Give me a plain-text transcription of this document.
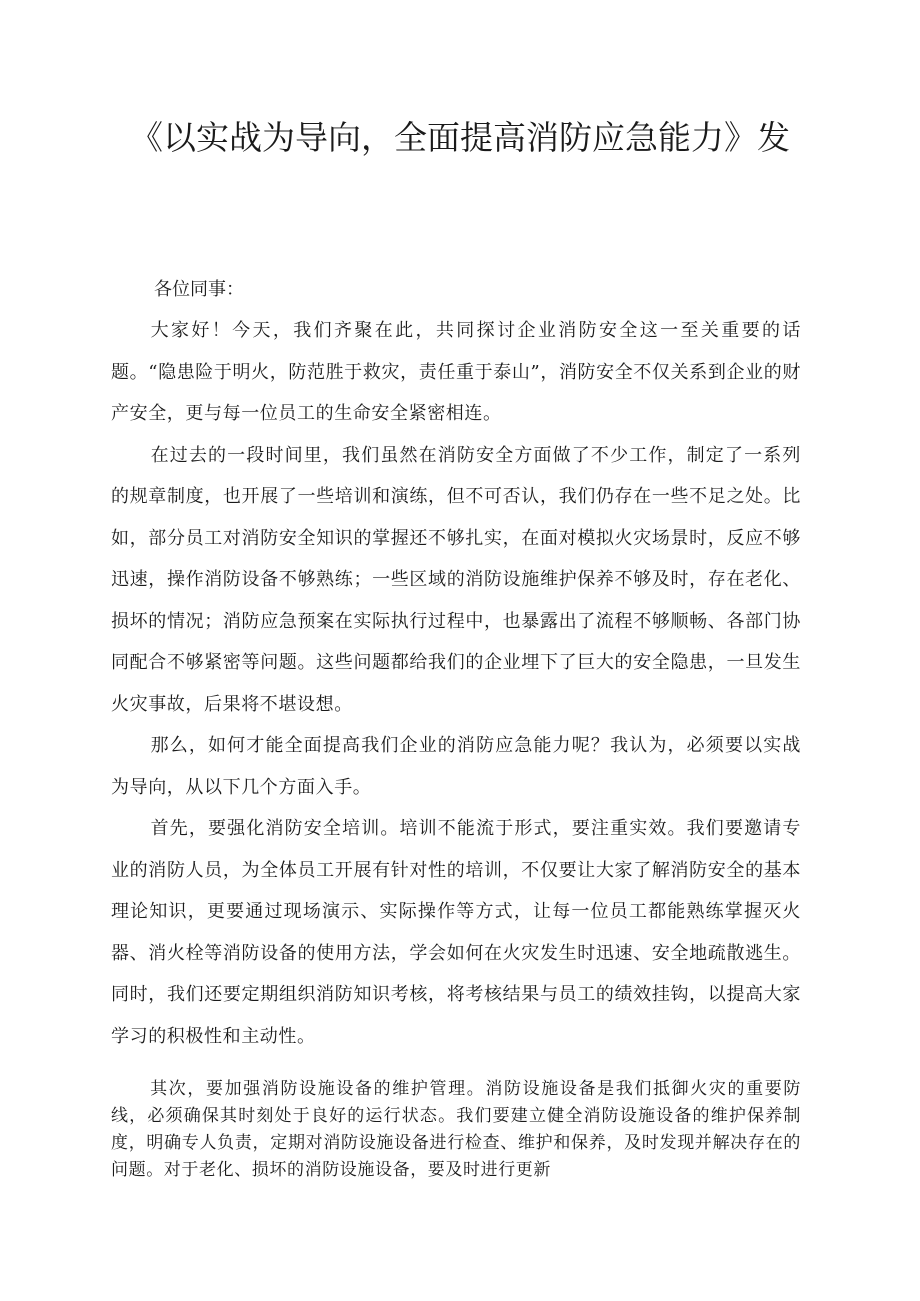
《以实战为导向，全面提高消防应急能力》发

各位同事：

大家好！今天，我们齐聚在此，共同探讨企业消防安全这一至关重要的话题。“隐患险于明火，防范胜于救灾，责任重于泰山”，消防安全不仅关系到企业的财产安全，更与每一位员工的生命安全紧密相连。

在过去的一段时间里，我们虽然在消防安全方面做了不少工作，制定了一系列的规章制度，也开展了一些培训和演练，但不可否认，我们仍存在一些不足之处。比如，部分员工对消防安全知识的掌握还不够扎实，在面对模拟火灾场景时，反应不够迅速，操作消防设备不够熟练；一些区域的消防设施维护保养不够及时，存在老化、损坏的情况；消防应急预案在实际执行过程中，也暴露出了流程不够顺畅、各部门协同配合不够紧密等问题。这些问题都给我们的企业埋下了巨大的安全隐患，一旦发生火灾事故，后果将不堪设想。

那么，如何才能全面提高我们企业的消防应急能力呢？我认为，必须要以实战为导向，从以下几个方面入手。

首先，要强化消防安全培训。培训不能流于形式，要注重实效。我们要邀请专业的消防人员，为全体员工开展有针对性的培训，不仅要让大家了解消防安全的基本理论知识，更要通过现场演示、实际操作等方式，让每一位员工都能熟练掌握灭火器、消火栓等消防设备的使用方法，学会如何在火灾发生时迅速、安全地疏散逃生。同时，我们还要定期组织消防知识考核，将考核结果与员工的绩效挂钩，以提高大家学习的积极性和主动性。

其次，要加强消防设施设备的维护管理。消防设施设备是我们抵御火灾的重要防线，必须确保其时刻处于良好的运行状态。我们要建立健全消防设施设备的维护保养制度，明确专人负责，定期对消防设施设备进行检查、维护和保养，及时发现并解决存在的问题。对于老化、损坏的消防设施设备，要及时进行更新
